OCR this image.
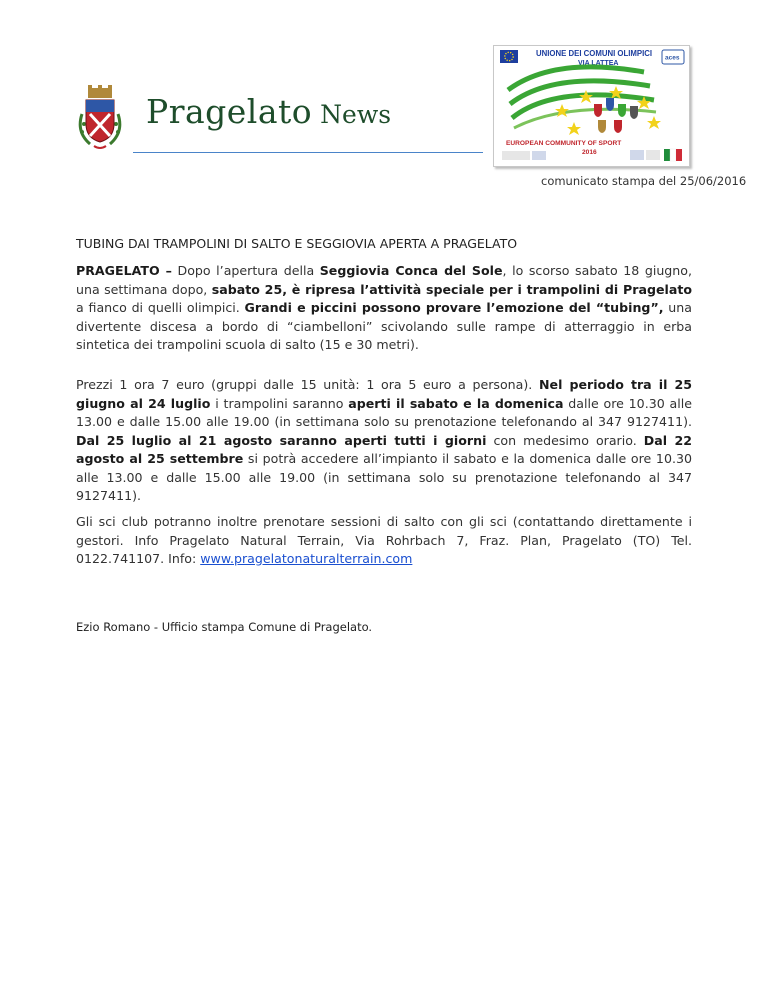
Pragelato News
UNIONE DEI COMUNI OLIMPICI
VIA LATTEA
aces
EUROPEAN COMMUNITY OF SPORT
2016
comunicato stampa del 25/06/2016
TUBING DAI TRAMPOLINI DI SALTO E SEGGIOVIA APERTA A PRAGELATO
PRAGELATO – Dopo l’apertura della Seggiovia Conca del Sole, lo scorso sabato 18 giugno, una settimana dopo, sabato 25, è ripresa l’attività speciale per i trampolini di Pragelato a fianco di quelli olimpici. Grandi e piccini possono provare l’emozione del “tubing”, una divertente discesa a bordo di “ciambelloni” scivolando sulle rampe di atterraggio in erba sintetica dei trampolini scuola di salto (15 e 30 metri).
Prezzi 1 ora 7 euro (gruppi dalle 15 unità: 1 ora 5 euro a persona). Nel periodo tra il 25 giugno al 24 luglio i trampolini saranno aperti il sabato e la domenica dalle ore 10.30 alle 13.00 e dalle 15.00 alle 19.00 (in settimana solo su prenotazione telefonando al 347 9127411). Dal 25 luglio al 21 agosto saranno aperti tutti i giorni con medesimo orario. Dal 22 agosto al 25 settembre si potrà accedere all’impianto il sabato e la domenica dalle ore 10.30 alle 13.00 e dalle 15.00 alle 19.00 (in settimana solo su prenotazione telefonando al 347 9127411).
Gli sci club potranno inoltre prenotare sessioni di salto con gli sci (contattando direttamente i gestori. Info Pragelato Natural Terrain, Via Rohrbach 7, Fraz. Plan, Pragelato (TO) Tel. 0122.741107. Info: www.pragelatonaturalterrain.com
Ezio Romano - Ufficio stampa Comune di Pragelato.
